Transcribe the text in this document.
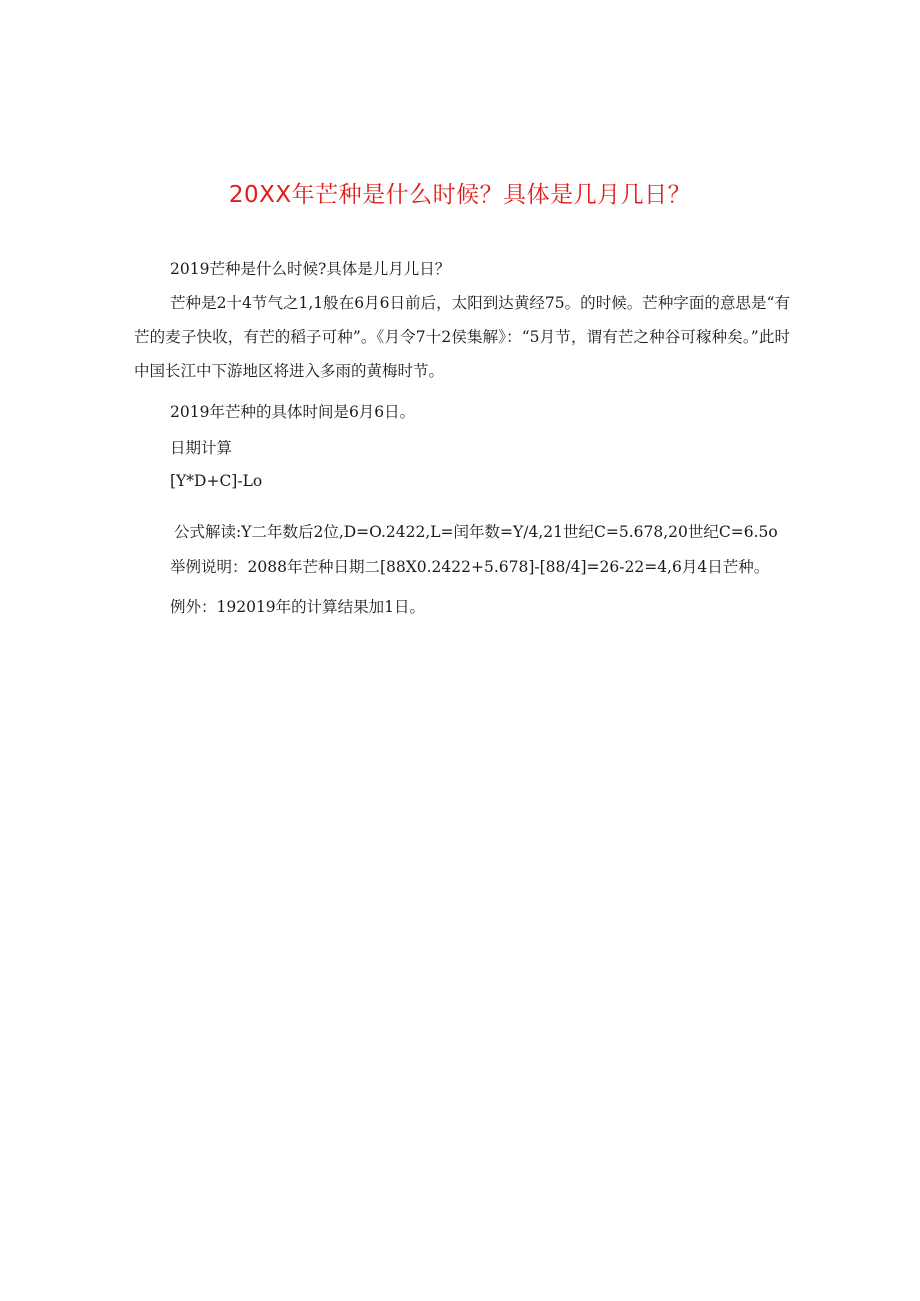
20XX年芒种是什么时候？具体是几月几日？
2019芒种是什么时候?具体是儿月儿日？
芒种是2十4节气之1,1般在6月6日前后，太阳到达黄经75。的时候。芒种字面的意思是“有芒的麦子快收，有芒的稻子可种”。《月令7十2侯集解》：“5月节，谓有芒之种谷可稼种矣。”此时中国长江中下游地区将进入多雨的黄梅时节。
2019年芒种的具体时间是6月6日。
日期计算
[Y*D+C]-Lo
公式解读:Y二年数后2位,D=O.2422,L=闰年数=Y∕4,21世纪C=5.678,20世纪C=6.5o
举例说明：2088年芒种日期二[88X0.2422+5.678]-[88/4]=26-22=4,6月4日芒种。
例外：192019年的计算结果加1日。
